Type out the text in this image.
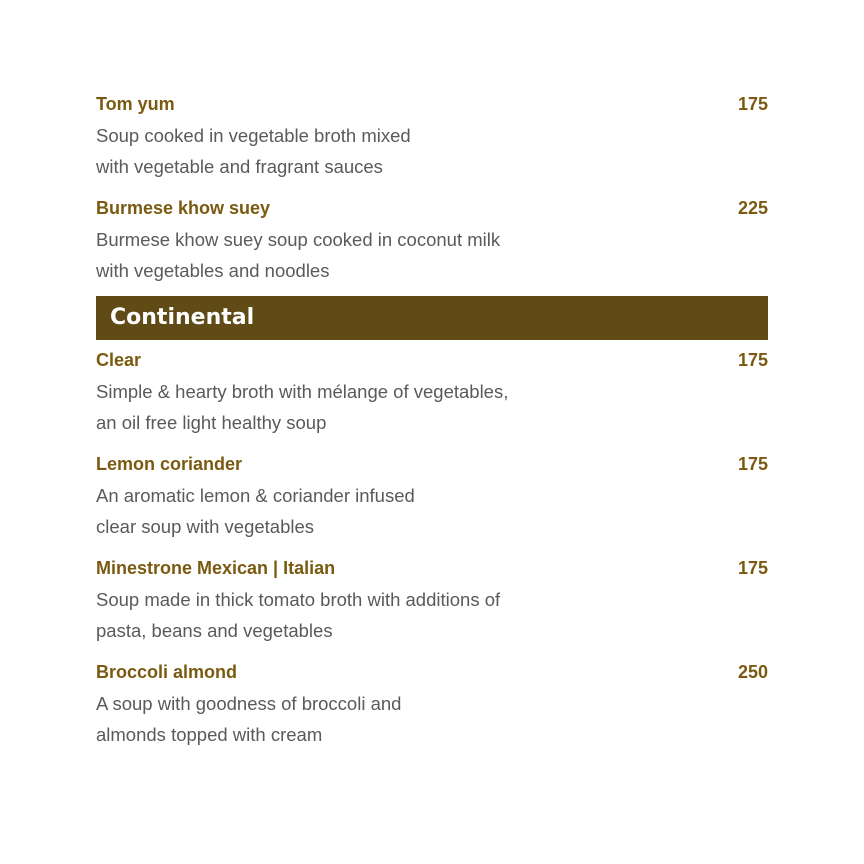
Tom yum	175
Soup cooked in vegetable broth mixed
with vegetable and fragrant sauces
Burmese khow suey	225
Burmese khow suey soup cooked in coconut milk
with vegetables and noodles
Continental
Clear	175
Simple & hearty broth with mélange of vegetables,
an oil free light healthy soup
Lemon coriander	175
An aromatic lemon & coriander infused
clear soup with vegetables
Minestrone Mexican | Italian	175
Soup made in thick tomato broth with additions of
pasta, beans and vegetables
Broccoli almond	250
A soup with goodness of broccoli and
almonds topped with cream
